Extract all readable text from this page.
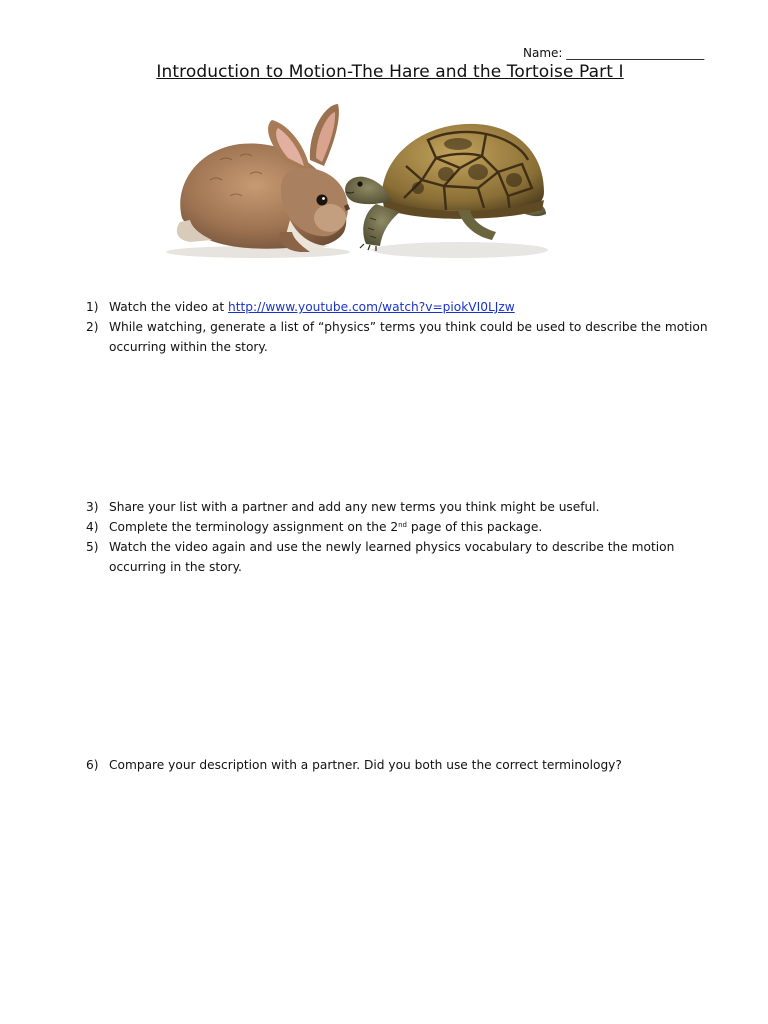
Name: _______________________
Introduction to Motion-The Hare and the Tortoise Part I
1) Watch the video at http://www.youtube.com/watch?v=piokVI0LJzw
2) While watching, generate a list of “physics” terms you think could be used to describe the motion occurring within the story.
3) Share your list with a partner and add any new terms you think might be useful.
4) Complete the terminology assignment on the 2nd page of this package.
5) Watch the video again and use the newly learned physics vocabulary to describe the motion occurring in the story.
6) Compare your description with a partner. Did you both use the correct terminology?
